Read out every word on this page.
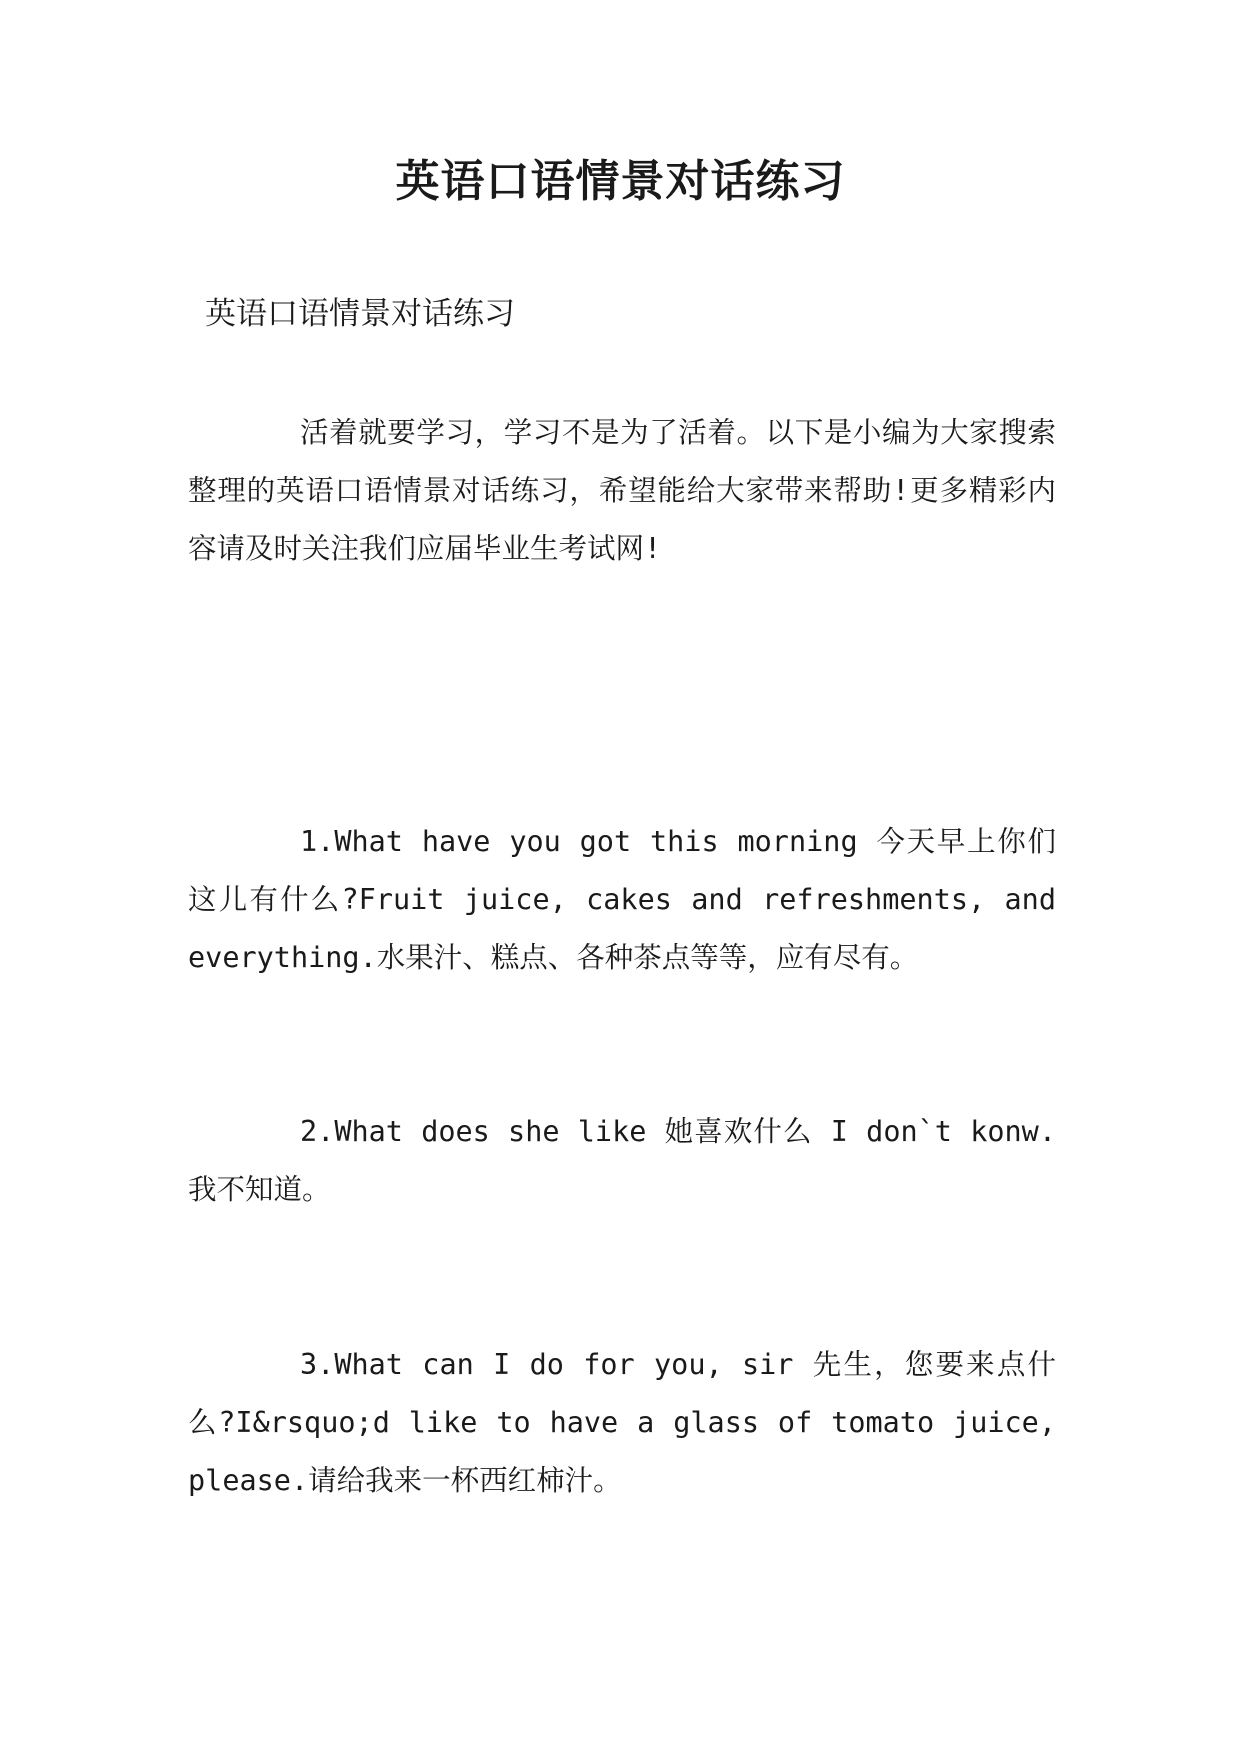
英语口语情景对话练习

英语口语情景对话练习

活着就要学习，学习不是为了活着。以下是小编为大家搜索整理的英语口语情景对话练习，希望能给大家带来帮助!更多精彩内容请及时关注我们应届毕业生考试网!

1.What have you got this morning 今天早上你们这儿有什么?Fruit juice, cakes and refreshments, and everything.水果汁、糕点、各种茶点等等，应有尽有。

2.What does she like 她喜欢什么 I don`t konw.我不知道。

3.What can I do for you, sir 先生，您要来点什么?I&rsquo;d like to have a glass of tomato juice, please.请给我来一杯西红柿汁。
